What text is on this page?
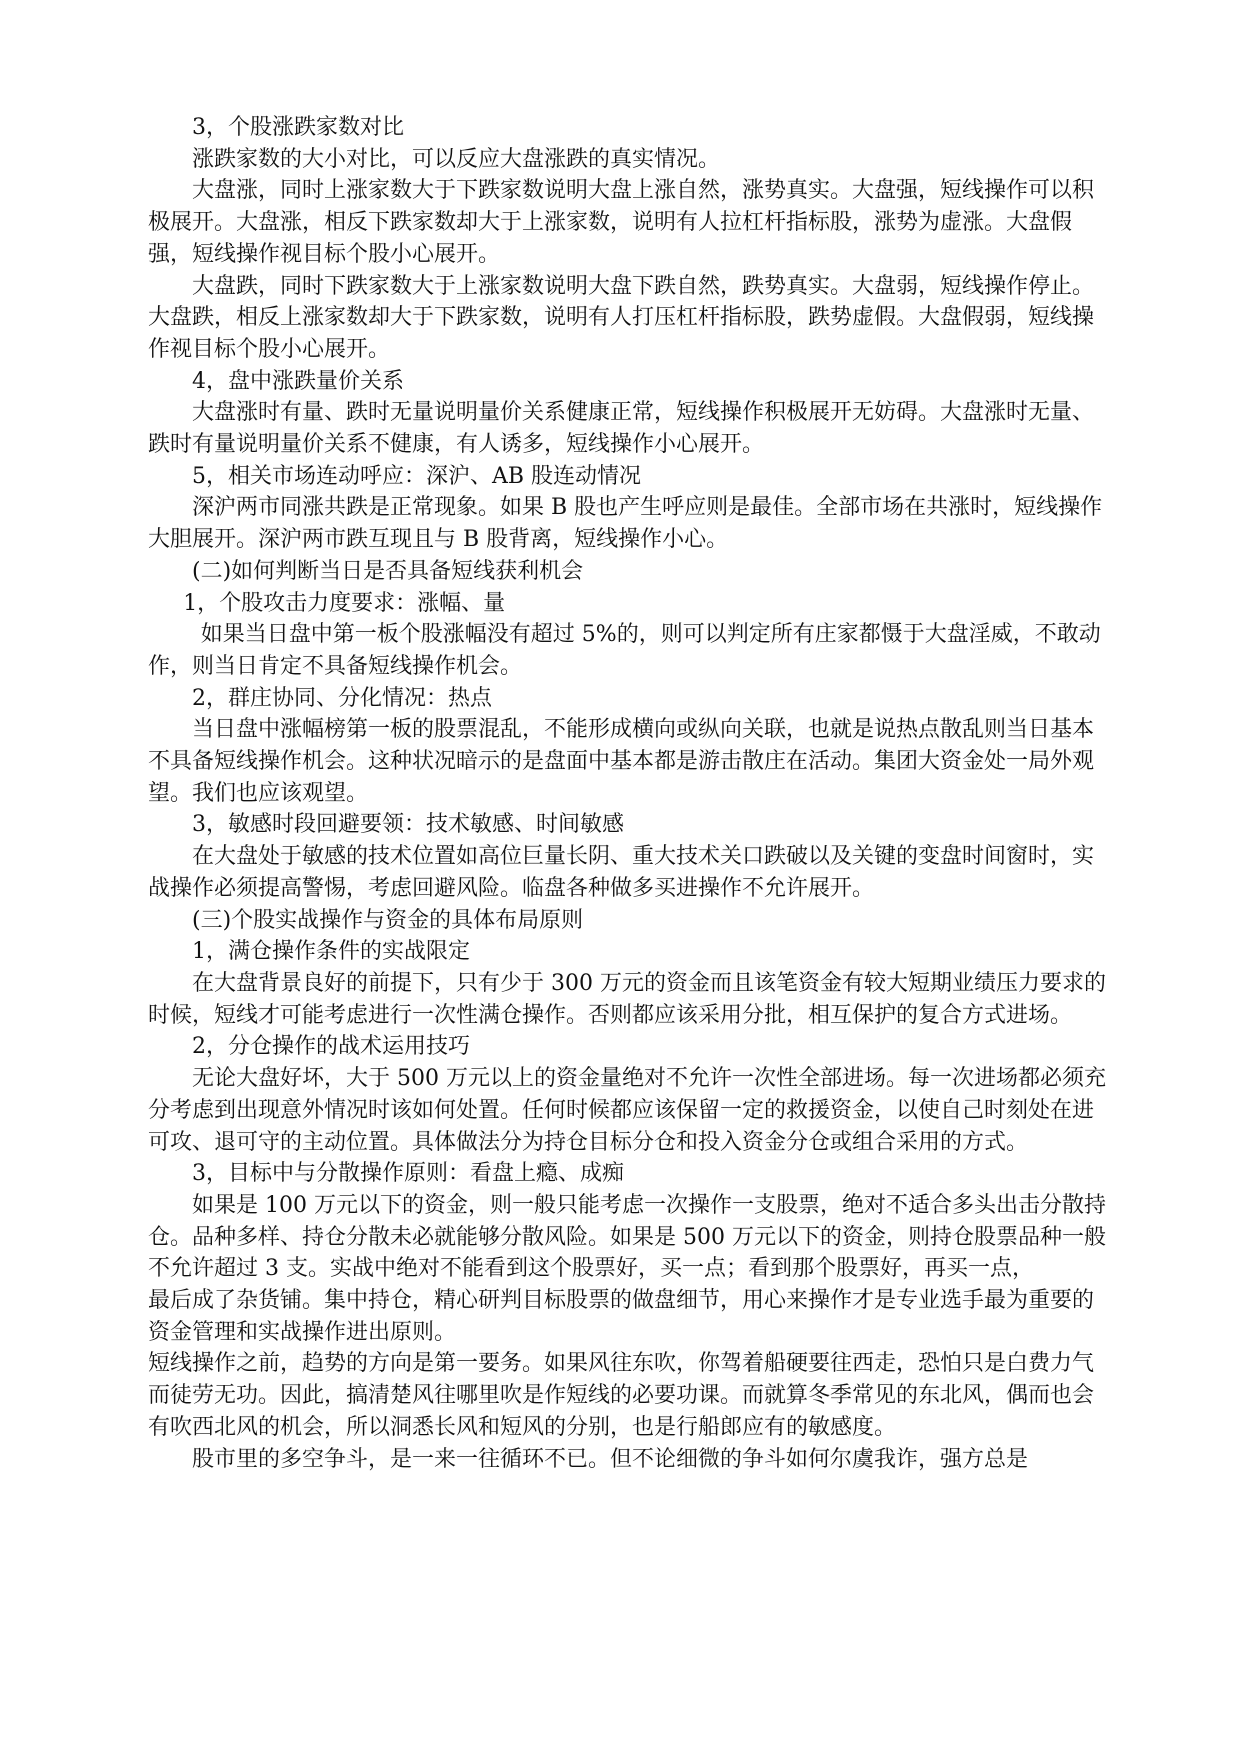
3，个股涨跌家数对比

涨跌家数的大小对比，可以反应大盘涨跌的真实情况。

大盘涨，同时上涨家数大于下跌家数说明大盘上涨自然，涨势真实。大盘强，短线操作可以积极展开。大盘涨，相反下跌家数却大于上涨家数，说明有人拉杠杆指标股，涨势为虚涨。大盘假强，短线操作视目标个股小心展开。

大盘跌，同时下跌家数大于上涨家数说明大盘下跌自然，跌势真实。大盘弱，短线操作停止。大盘跌，相反上涨家数却大于下跌家数，说明有人打压杠杆指标股，跌势虚假。大盘假弱，短线操作视目标个股小心展开。

4，盘中涨跌量价关系

大盘涨时有量、跌时无量说明量价关系健康正常，短线操作积极展开无妨碍。大盘涨时无量、跌时有量说明量价关系不健康，有人诱多，短线操作小心展开。

5，相关市场连动呼应：深沪、AB 股连动情况

深沪两市同涨共跌是正常现象。如果 B 股也产生呼应则是最佳。全部市场在共涨时，短线操作大胆展开。深沪两市跌互现且与 B 股背离，短线操作小心。

(二)如何判断当日是否具备短线获利机会

1，个股攻击力度要求：涨幅、量

如果当日盘中第一板个股涨幅没有超过 5%的，则可以判定所有庄家都慑于大盘淫威，不敢动作，则当日肯定不具备短线操作机会。

2，群庄协同、分化情况：热点

当日盘中涨幅榜第一板的股票混乱，不能形成横向或纵向关联，也就是说热点散乱则当日基本不具备短线操作机会。这种状况暗示的是盘面中基本都是游击散庄在活动。集团大资金处一局外观望。我们也应该观望。

3，敏感时段回避要领：技术敏感、时间敏感

在大盘处于敏感的技术位置如高位巨量长阴、重大技术关口跌破以及关键的变盘时间窗时，实战操作必须提高警惕，考虑回避风险。临盘各种做多买进操作不允许展开。

(三)个股实战操作与资金的具体布局原则

1，满仓操作条件的实战限定

在大盘背景良好的前提下，只有少于 300 万元的资金而且该笔资金有较大短期业绩压力要求的时候，短线才可能考虑进行一次性满仓操作。否则都应该采用分批，相互保护的复合方式进场。

2，分仓操作的战术运用技巧

无论大盘好坏，大于 500 万元以上的资金量绝对不允许一次性全部进场。每一次进场都必须充分考虑到出现意外情况时该如何处置。任何时候都应该保留一定的救援资金，以使自己时刻处在进可攻、退可守的主动位置。具体做法分为持仓目标分仓和投入资金分仓或组合采用的方式。

3，目标中与分散操作原则：看盘上瘾、成痴

如果是 100 万元以下的资金，则一般只能考虑一次操作一支股票，绝对不适合多头出击分散持仓。品种多样、持仓分散未必就能够分散风险。如果是 500 万元以下的资金，则持仓股票品种一般不允许超过 3 支。实战中绝对不能看到这个股票好，买一点；看到那个股票好，再买一点，

最后成了杂货铺。集中持仓，精心研判目标股票的做盘细节，用心来操作才是专业选手最为重要的资金管理和实战操作进出原则。

短线操作之前，趋势的方向是第一要务。如果风往东吹，你驾着船硬要往西走，恐怕只是白费力气而徒劳无功。因此，搞清楚风往哪里吹是作短线的必要功课。而就算冬季常见的东北风，偶而也会有吹西北风的机会，所以洞悉长风和短风的分别，也是行船郎应有的敏感度。

股市里的多空争斗，是一来一往循环不已。但不论细微的争斗如何尔虞我诈，强方总是
